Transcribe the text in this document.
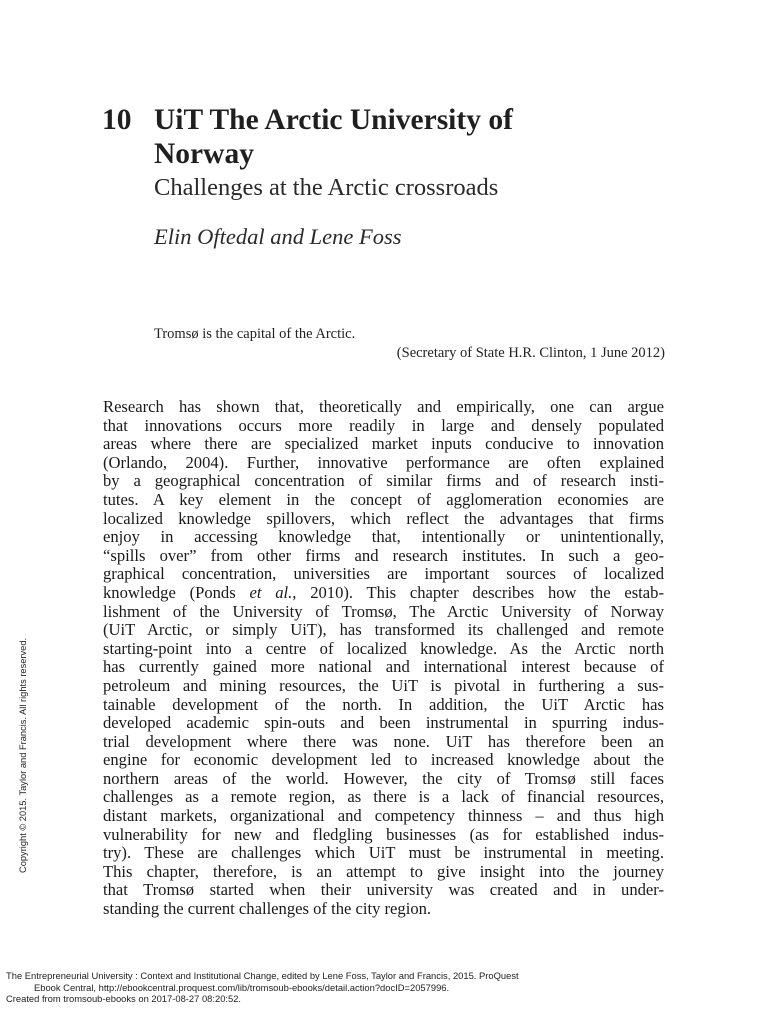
10 UiT The Arctic University of
Norway
Challenges at the Arctic crossroads
Elin Oftedal and Lene Foss
Tromsø is the capital of the Arctic.
(Secretary of State H.R. Clinton, 1 June 2012)
Research has shown that, theoretically and empirically, one can argue
that innovations occurs more readily in large and densely populated
areas where there are specialized market inputs conducive to innovation
(Orlando, 2004). Further, innovative performance are often explained
by a geographical concentration of similar firms and of research insti-
tutes. A key element in the concept of agglomeration economies are
localized knowledge spillovers, which reflect the advantages that firms
enjoy in accessing knowledge that, intentionally or unintentionally,
“spills over” from other firms and research institutes. In such a geo-
graphical concentration, universities are important sources of localized
knowledge (Ponds et al., 2010). This chapter describes how the estab-
lishment of the University of Tromsø, The Arctic University of Norway
(UiT Arctic, or simply UiT), has transformed its challenged and remote
starting-point into a centre of localized knowledge. As the Arctic north
has currently gained more national and international interest because of
petroleum and mining resources, the UiT is pivotal in furthering a sus-
tainable development of the north. In addition, the UiT Arctic has
developed academic spin-outs and been instrumental in spurring indus-
trial development where there was none. UiT has therefore been an
engine for economic development led to increased knowledge about the
northern areas of the world. However, the city of Tromsø still faces
challenges as a remote region, as there is a lack of financial resources,
distant markets, organizational and competency thinness – and thus high
vulnerability for new and fledgling businesses (as for established indus-
try). These are challenges which UiT must be instrumental in meeting.
This chapter, therefore, is an attempt to give insight into the journey
that Tromsø started when their university was created and in under-
standing the current challenges of the city region.
Copyright © 2015. Taylor and Francis. All rights reserved.
The Entrepreneurial University : Context and Institutional Change, edited by Lene Foss, Taylor and Francis, 2015. ProQuest
Ebook Central, http://ebookcentral.proquest.com/lib/tromsoub-ebooks/detail.action?docID=2057996.
Created from tromsoub-ebooks on 2017-08-27 08:20:52.
